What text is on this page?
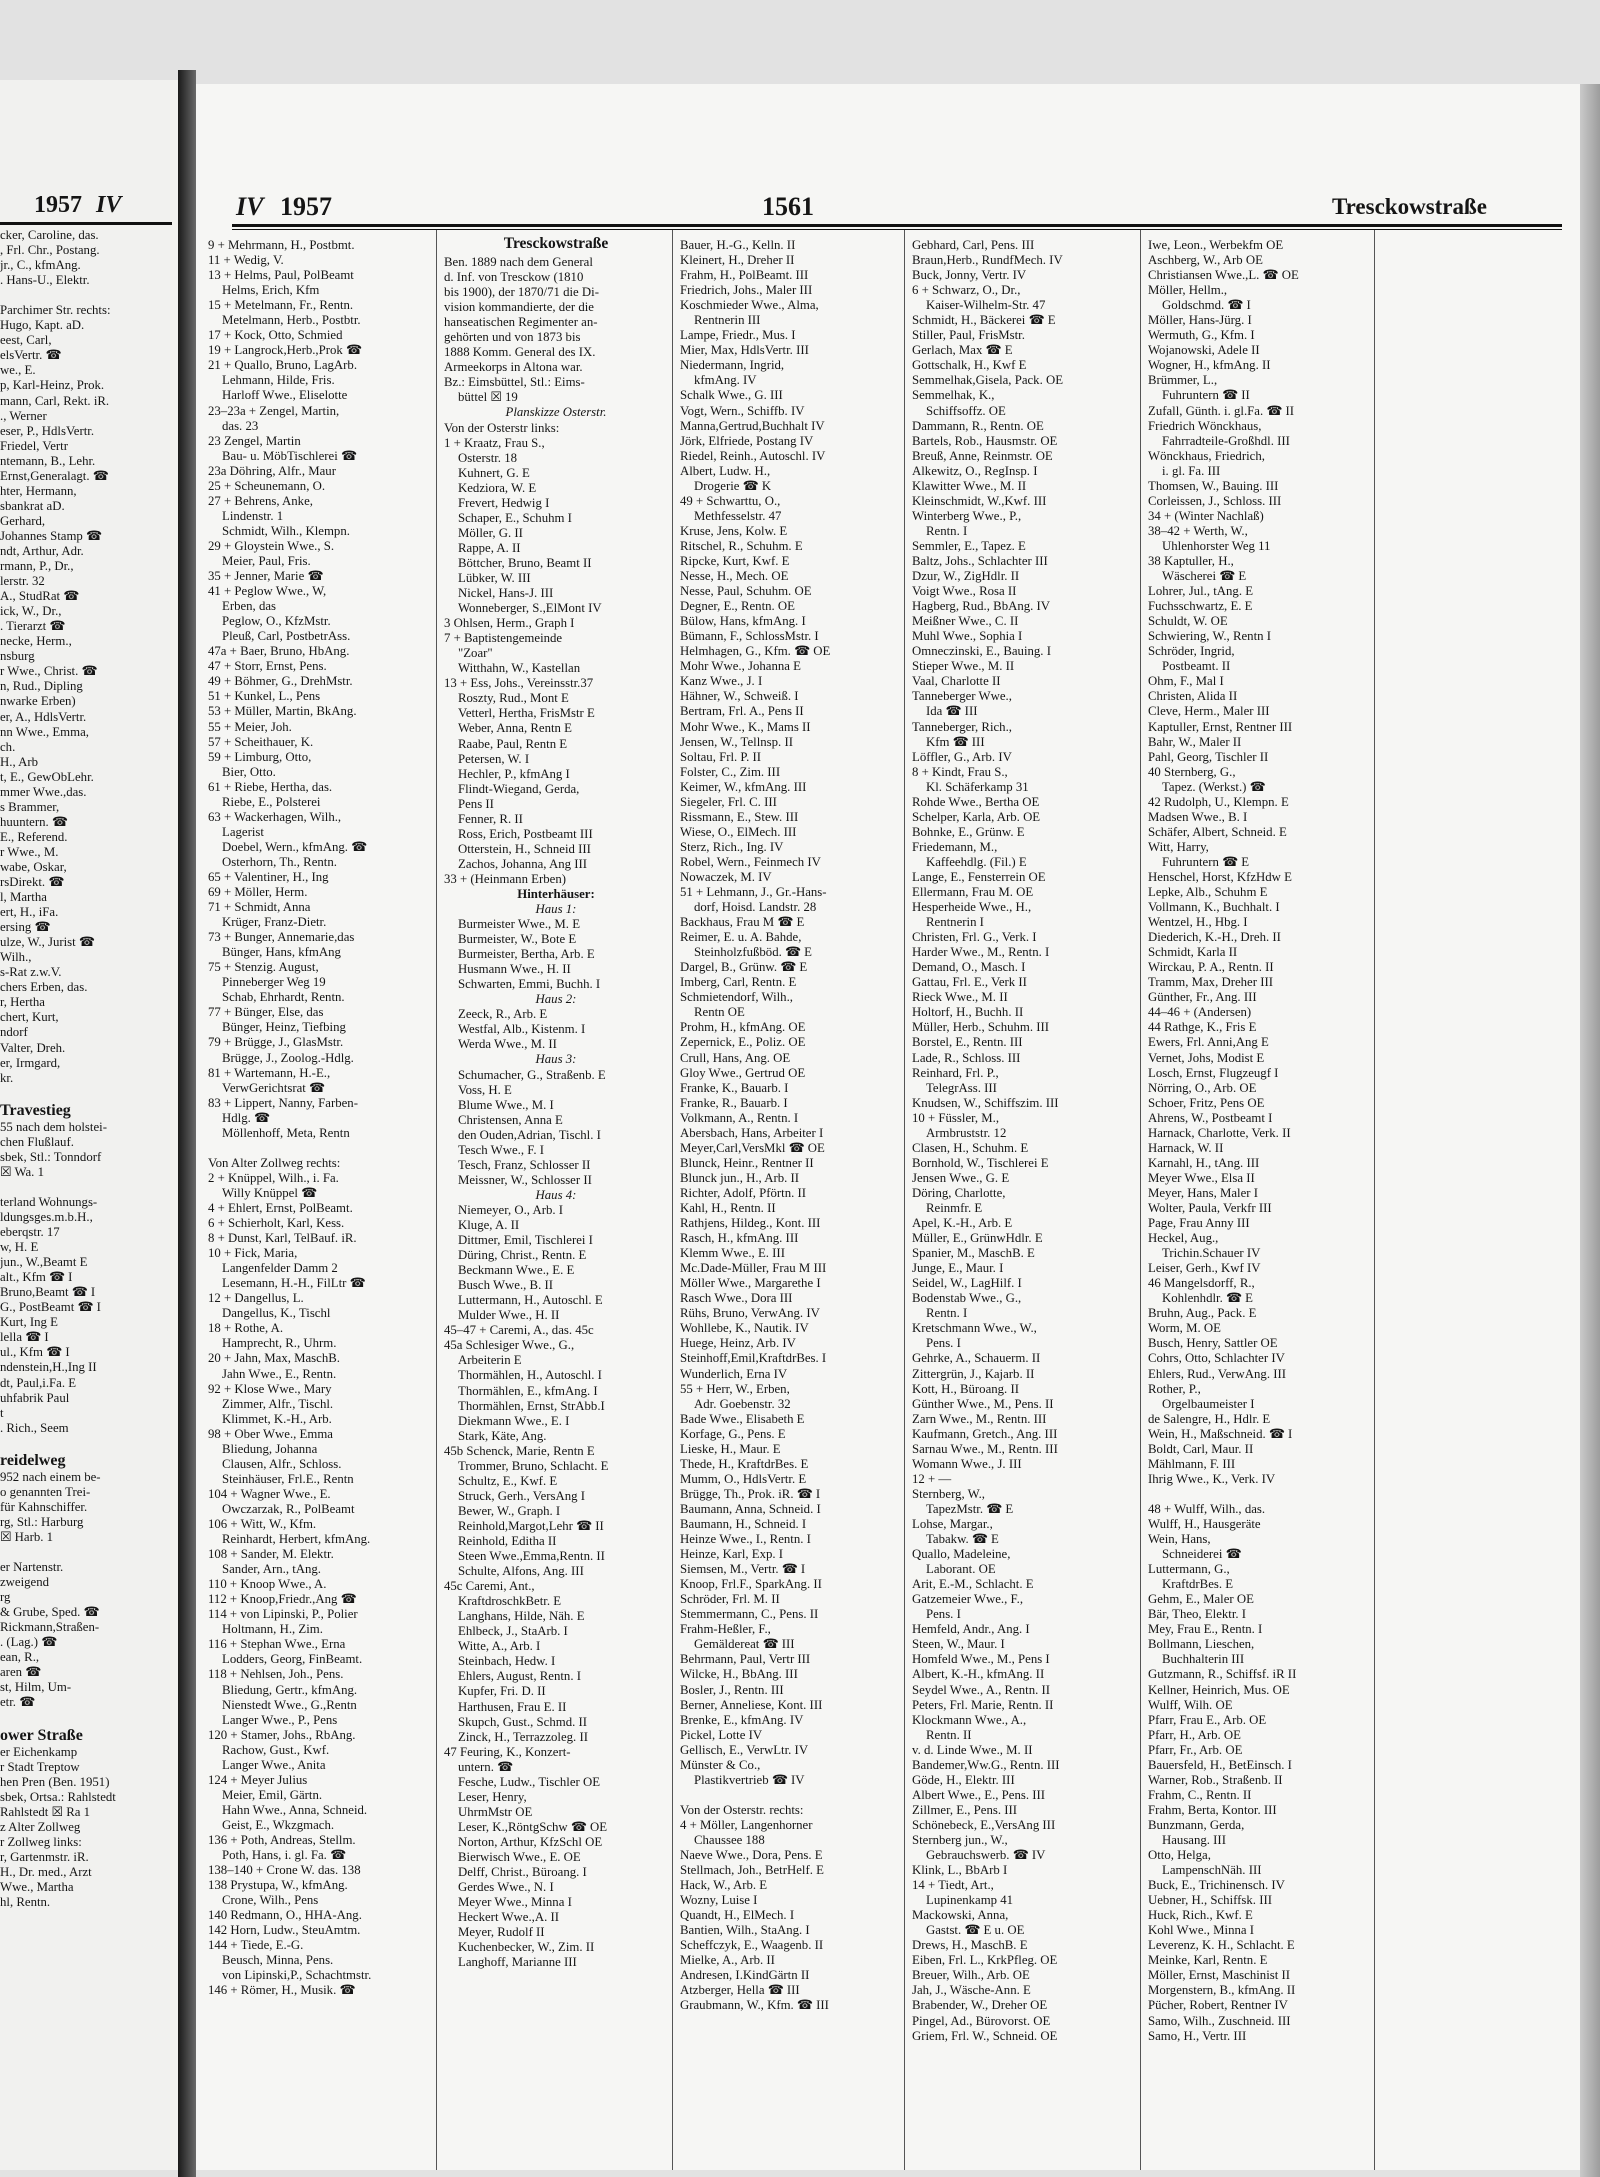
1957 IV
cker, Caroline, das.
, Frl. Chr., Postang.
jr., C., kfmAng.
. Hans-U., Elektr.

Parchimer Str. rechts:
Hugo, Kapt. aD.
eest, Carl,
elsVertr. ☎
we., E.
p, Karl-Heinz, Prok.
mann, Carl, Rekt. iR.
., Werner
eser, P., HdlsVertr.
Friedel, Vertr
ntemann, B., Lehr.
Ernst,Generalagt. ☎
hter, Hermann,
sbankrat aD.
Gerhard,
Johannes Stamp ☎
ndt, Arthur, Adr.
rmann, P., Dr.,
lerstr. 32
A., StudRat ☎
ick, W., Dr.,
. Tierarzt ☎
necke, Herm.,
nsburg
r Wwe., Christ. ☎
n, Rud., Dipling
nwarke Erben)
er, A., HdlsVertr.
nn Wwe., Emma,
ch.
H., Arb
t, E., GewObLehr.
mmer Wwe.,das.
s Brammer,
huuntern. ☎
E., Referend.
r Wwe., M.
wabe, Oskar,
rsDirekt. ☎
l, Martha
ert, H., iFa.
ersing ☎
ulze, W., Jurist ☎
Wilh.,
s-Rat z.w.V.
chers Erben, das.
r, Hertha
chert, Kurt,
ndorf
Valter, Dreh.
er, Irmgard,
kr.

Travestieg
55 nach dem holstei-
chen Flußlauf.
sbek, Stl.: Tonndorf
☒ Wa. 1

terland Wohnungs-
ldungsges.m.b.H.,
eberqstr. 17
w, H. E
jun., W.,Beamt E
alt., Kfm ☎ I
Bruno,Beamt ☎ I
G., PostBeamt ☎ I
Kurt, Ing E
lella ☎ I
ul., Kfm ☎ I
ndenstein,H.,Ing II
dt, Paul,i.Fa. E
uhfabrik Paul
t
. Rich., Seem

reidelweg
952 nach einem be-
o genannten Trei-
für Kahnschiffer.
rg, Stl.: Harburg
☒ Harb. 1

er Nartenstr.
zweigend
rg
& Grube, Sped. ☎
Rickmann,Straßen-
. (Lag.) ☎
ean, R.,
aren ☎
st, Hilm, Um-
etr. ☎

ower Straße
er Eichenkamp
r Stadt Treptow
hen Pren (Ben. 1951)
sbek, Ortsa.: Rahlstedt
Rahlstedt ☒ Ra 1
z Alter Zollweg
r Zollweg links:
r, Gartenmstr. iR.
H., Dr. med., Arzt
Wwe., Martha
hl, Rentn.
IV 1957	1561	Tresckowstraße
9 + Mehrmann, H., Postbmt.
11 + Wedig, V.
13 + Helms, Paul, PolBeamt
Helms, Erich, Kfm
15 + Metelmann, Fr., Rentn.
Metelmann, Herb., Postbtr.
17 + Kock, Otto, Schmied
19 + Langrock,Herb.,Prok ☎
21 + Quallo, Bruno, LagArb.
Lehmann, Hilde, Fris.
Harloff Wwe., Eliselotte
23–23a + Zengel, Martin,
das. 23
23 Zengel, Martin
Bau- u. MöbTischlerei ☎
23a Döhring, Alfr., Maur
25 + Scheunemann, O.
27 + Behrens, Anke,
Lindenstr. 1
Schmidt, Wilh., Klempn.
29 + Gloystein Wwe., S.
Meier, Paul, Fris.
35 + Jenner, Marie ☎
41 + Peglow Wwe., W,
Erben, das
Peglow, O., KfzMstr.
Pleuß, Carl, PostbetrAss.
47a + Baer, Bruno, HbAng.
47 + Storr, Ernst, Pens.
49 + Böhmer, G., DrehMstr.
51 + Kunkel, L., Pens
53 + Müller, Martin, BkAng.
55 + Meier, Joh.
57 + Scheithauer, K.
59 + Limburg, Otto,
Bier, Otto.
61 + Riebe, Hertha, das.
Riebe, E., Polsterei
63 + Wackerhagen, Wilh.,
Lagerist
Doebel, Wern., kfmAng. ☎
Osterhorn, Th., Rentn.
65 + Valentiner, H., Ing
69 + Möller, Herm.
71 + Schmidt, Anna
Krüger, Franz-Dietr.
73 + Bunger, Annemarie,das
Bünger, Hans, kfmAng
75 + Stenzig. August,
Pinneberger Weg 19
Schab, Ehrhardt, Rentn.
77 + Bünger, Else, das
Bünger, Heinz, Tiefbing
79 + Brügge, J., GlasMstr.
Brügge, J., Zoolog.-Hdlg.
81 + Wartemann, H.-E.,
VerwGerichtsrat ☎
83 + Lippert, Nanny, Farben-
Hdlg. ☎
Möllenhoff, Meta, Rentn

Von Alter Zollweg rechts:
2 + Knüppel, Wilh., i. Fa.
Willy Knüppel ☎
4 + Ehlert, Ernst, PolBeamt.
6 + Schierholt, Karl, Kess.
8 + Dunst, Karl, TelBauf. iR.
10 + Fick, Maria,
Langenfelder Damm 2
Lesemann, H.-H., FilLtr ☎
12 + Dangellus, L.
Dangellus, K., Tischl
18 + Rothe, A.
Hamprecht, R., Uhrm.
20 + Jahn, Max, MaschB.
Jahn Wwe., E., Rentn.
92 + Klose Wwe., Mary
Zimmer, Alfr., Tischl.
Klimmet, K.-H., Arb.
98 + Ober Wwe., Emma
Bliedung, Johanna
Clausen, Alfr., Schloss.
Steinhäuser, Frl.E., Rentn
104 + Wagner Wwe., E.
Owczarzak, R., PolBeamt
106 + Witt, W., Kfm.
Reinhardt, Herbert, kfmAng.
108 + Sander, M. Elektr.
Sander, Arn., tAng.
110 + Knoop Wwe., A.
112 + Knoop,Friedr.,Ang ☎
114 + von Lipinski, P., Polier
Holtmann, H., Zim.
116 + Stephan Wwe., Erna
Lodders, Georg, FinBeamt.
118 + Nehlsen, Joh., Pens.
Bliedung, Gertr., kfmAng.
Nienstedt Wwe., G.,Rentn
Langer Wwe., P., Pens
120 + Stamer, Johs., RbAng.
Rachow, Gust., Kwf.
Langer Wwe., Anita
124 + Meyer Julius
Meier, Emil, Gärtn.
Hahn Wwe., Anna, Schneid.
Geist, E., Wkzgmach.
136 + Poth, Andreas, Stellm.
Poth, Hans, i. gl. Fa. ☎
138–140 + Crone W. das. 138
138 Prystupa, W., kfmAng.
Crone, Wilh., Pens
140 Redmann, O., HHA-Ang.
142 Horn, Ludw., SteuAmtm.
144 + Tiede, E.-G.
Beusch, Minna, Pens.
von Lipinski,P., Schachtmstr.
146 + Römer, H., Musik. ☎
Tresckowstraße
Ben. 1889 nach dem General
d. Inf. von Tresckow (1810
bis 1900), der 1870/71 die Di-
vision kommandierte, der die
hanseatischen Regimenter an-
gehörten und von 1873 bis
1888 Komm. General des IX.
Armeekorps in Altona war.
Bz.: Eimsbüttel, Stl.: Eims-
büttel ☒ 19
Planskizze Osterstr.
Von der Osterstr links:
1 + Kraatz, Frau S.,
Osterstr. 18
Kuhnert, G. E
Kedziora, W. E
Frevert, Hedwig I
Schaper, E., Schuhm I
Möller, G. II
Rappe, A. II
Böttcher, Bruno, Beamt II
Lübker, W. III
Nickel, Hans-J. III
Wonneberger, S.,ElMont IV
3 Ohlsen, Herm., Graph I
7 + Baptistengemeinde
"Zoar"
Witthahn, W., Kastellan
13 + Ess, Johs., Vereinsstr.37
Roszty, Rud., Mont E
Vetterl, Hertha, FrisMstr E
Weber, Anna, Rentn E
Raabe, Paul, Rentn E
Petersen, W. I
Hechler, P., kfmAng I
Flindt-Wiegand, Gerda,
Pens II
Fenner, R. II
Ross, Erich, Postbeamt III
Otterstein, H., Schneid III
Zachos, Johanna, Ang III
33 + (Heinmann Erben)
Hinterhäuser:
Haus 1:
Burmeister Wwe., M. E
Burmeister, W., Bote E
Burmeister, Bertha, Arb. E
Husmann Wwe., H. II
Schwarten, Emmi, Buchh. I
Haus 2:
Zeeck, R., Arb. E
Westfal, Alb., Kistenm. I
Werda Wwe., M. II
Haus 3:
Schumacher, G., Straßenb. E
Voss, H. E
Blume Wwe., M. I
Christensen, Anna E
den Ouden,Adrian, Tischl. I
Tesch Wwe., F. I
Tesch, Franz, Schlosser II
Meissner, W., Schlosser II
Haus 4:
Niemeyer, O., Arb. I
Kluge, A. II
Dittmer, Emil, Tischlerei I
Düring, Christ., Rentn. E
Beckmann Wwe., E. E
Busch Wwe., B. II
Luttermann, H., Autoschl. E
Mulder Wwe., H. II
45–47 + Caremi, A., das. 45c
45a Schlesiger Wwe., G.,
Arbeiterin E
Thormählen, H., Autoschl. I
Thormählen, E., kfmAng. I
Thormählen, Ernst, StrAbb.I
Diekmann Wwe., E. I
Stark, Käte, Ang.
45b Schenck, Marie, Rentn E
Trommer, Bruno, Schlacht. E
Schultz, E., Kwf. E
Struck, Gerh., VersAng I
Bewer, W., Graph. I
Reinhold,Margot,Lehr ☎ II
Reinhold, Editha II
Steen Wwe.,Emma,Rentn. II
Schulte, Alfons, Ang. III
45c Caremi, Ant.,
KraftdroschkBetr. E
Langhans, Hilde, Näh. E
Ehlbeck, J., StaArb. I
Witte, A., Arb. I
Steinbach, Hedw. I
Ehlers, August, Rentn. I
Kupfer, Fri. D. II
Harthusen, Frau E. II
Skupch, Gust., Schmd. II
Zinck, H., Terrazzoleg. II
47 Feuring, K., Konzert-
untern. ☎
Fesche, Ludw., Tischler OE
Leser, Henry,
UhrmMstr OE
Leser, K.,RöntgSchw ☎ OE
Norton, Arthur, KfzSchl OE
Bierwisch Wwe., E. OE
Delff, Christ., Büroang. I
Gerdes Wwe., N. I
Meyer Wwe., Minna I
Heckert Wwe.,A. II
Meyer, Rudolf II
Kuchenbecker, W., Zim. II
Langhoff, Marianne III
Bauer, H.-G., Kelln. II
Kleinert, H., Dreher II
Frahm, H., PolBeamt. III
Friedrich, Johs., Maler III
Koschmieder Wwe., Alma,
Rentnerin III
Lampe, Friedr., Mus. I
Mier, Max, HdlsVertr. III
Niedermann, Ingrid,
kfmAng. IV
Schalk Wwe., G. III
Vogt, Wern., Schiffb. IV
Manna,Gertrud,Buchhalt IV
Jörk, Elfriede, Postang IV
Riedel, Reinh., Autoschl. IV
Albert, Ludw. H.,
Drogerie ☎ K
49 + Schwarttu, O.,
Methfesselstr. 47
Kruse, Jens, Kolw. E
Ritschel, R., Schuhm. E
Ripcke, Kurt, Kwf. E
Nesse, H., Mech. OE
Nesse, Paul, Schuhm. OE
Degner, E., Rentn. OE
Bülow, Hans, kfmAng. I
Bümann, F., SchlossMstr. I
Helmhagen, G., Kfm. ☎ OE
Mohr Wwe., Johanna E
Kanz Wwe., J. I
Hähner, W., Schweiß. I
Bertram, Frl. A., Pens II
Mohr Wwe., K., Mams II
Jensen, W., Tellnsp. II
Soltau, Frl. P. II
Folster, C., Zim. III
Keimer, W., kfmAng. III
Siegeler, Frl. C. III
Rissmann, E., Stew. III
Wiese, O., ElMech. III
Sterz, Rich., Ing. IV
Robel, Wern., Feinmech IV
Nowaczek, M. IV
51 + Lehmann, J., Gr.-Hans-
dorf, Hoisd. Landstr. 28
Backhaus, Frau M ☎ E
Reimer, E. u. A. Bahde,
Steinholzfußböd. ☎ E
Dargel, B., Grünw. ☎ E
Imberg, Carl, Rentn. E
Schmietendorf, Wilh.,
Rentn OE
Prohm, H., kfmAng. OE
Zepernick, E., Poliz. OE
Crull, Hans, Ang. OE
Gloy Wwe., Gertrud OE
Franke, K., Bauarb. I
Franke, R., Bauarb. I
Volkmann, A., Rentn. I
Abersbach, Hans, Arbeiter I
Meyer,Carl,VersMkl ☎ OE
Blunck, Heinr., Rentner II
Blunck jun., H., Arb. II
Richter, Adolf, Pförtn. II
Kahl, H., Rentn. II
Rathjens, Hildeg., Kont. III
Rasch, H., kfmAng. III
Klemm Wwe., E. III
Mc.Dade-Müller, Frau M III
Möller Wwe., Margarethe I
Rasch Wwe., Dora III
Rühs, Bruno, VerwAng. IV
Wohllebe, K., Nautik. IV
Huege, Heinz, Arb. IV
Steinhoff,Emil,KraftdrBes. I
Wunderlich, Erna IV
55 + Herr, W., Erben,
Adr. Goebenstr. 32
Bade Wwe., Elisabeth E
Korfage, G., Pens. E
Lieske, H., Maur. E
Thede, H., KraftdrBes. E
Mumm, O., HdlsVertr. E
Brügge, Th., Prok. iR. ☎ I
Baumann, Anna, Schneid. I
Baumann, H., Schneid. I
Heinze Wwe., I., Rentn. I
Heinze, Karl, Exp. I
Siemsen, M., Vertr. ☎ I
Knoop, Frl.F., SparkAng. II
Schröder, Frl. M. II
Stemmermann, C., Pens. II
Frahm-Heßler, F.,
Gemäldereat ☎ III
Behrmann, Paul, Vertr III
Wilcke, H., BbAng. III
Bosler, J., Rentn. III
Berner, Anneliese, Kont. III
Brenke, E., kfmAng. IV
Pickel, Lotte IV
Gellisch, E., VerwLtr. IV
Münster & Co.,
Plastikvertrieb ☎ IV

Von der Osterstr. rechts:
4 + Möller, Langenhorner
Chaussee 188
Naeve Wwe., Dora, Pens. E
Stellmach, Joh., BetrHelf. E
Hack, W., Arb. E
Wozny, Luise I
Quandt, H., ElMech. I
Bantien, Wilh., StaAng. I
Scheffczyk, E., Waagenb. II
Mielke, A., Arb. II
Andresen, I.KindGärtn II
Atzberger, Hella ☎ III
Graubmann, W., Kfm. ☎ III
Gebhard, Carl, Pens. III
Braun,Herb., RundfMech. IV
Buck, Jonny, Vertr. IV
6 + Schwarz, O., Dr.,
Kaiser-Wilhelm-Str. 47
Schmidt, H., Bäckerei ☎ E
Stiller, Paul, FrisMstr.
Gerlach, Max ☎ E
Gottschalk, H., Kwf E
Semmelhak,Gisela, Pack. OE
Semmelhak, K.,
Schiffsoffz. OE
Dammann, R., Rentn. OE
Bartels, Rob., Hausmstr. OE
Breuß, Anne, Reinmstr. OE
Alkewitz, O., RegInsp. I
Klawitter Wwe., M. II
Kleinschmidt, W.,Kwf. III
Winterberg Wwe., P.,
Rentn. I
Semmler, E., Tapez. E
Baltz, Johs., Schlachter III
Dzur, W., ZigHdlr. II
Voigt Wwe., Rosa II
Hagberg, Rud., BbAng. IV
Meißner Wwe., C. II
Muhl Wwe., Sophia I
Omneczinski, E., Bauing. I
Stieper Wwe., M. II
Vaal, Charlotte II
Tanneberger Wwe.,
Ida ☎ III
Tanneberger, Rich.,
Kfm ☎ III
Löffler, G., Arb. IV
8 + Kindt, Frau S.,
Kl. Schäferkamp 31
Rohde Wwe., Bertha OE
Schelper, Karla, Arb. OE
Bohnke, E., Grünw. E
Friedemann, M.,
Kaffeehdlg. (Fil.) E
Lange, E., Fensterrein OE
Ellermann, Frau M. OE
Hesperheide Wwe., H.,
Rentnerin I
Christen, Frl. G., Verk. I
Harder Wwe., M., Rentn. I
Demand, O., Masch. I
Gattau, Frl. E., Verk II
Rieck Wwe., M. II
Holtorf, H., Buchh. II
Müller, Herb., Schuhm. III
Borstel, E., Rentn. III
Lade, R., Schloss. III
Reinhard, Frl. P.,
TelegrAss. III
Knudsen, W., Schiffszim. III
10 + Füssler, M.,
Armbruststr. 12
Clasen, H., Schuhm. E
Bornhold, W., Tischlerei E
Jensen Wwe., G. E
Döring, Charlotte,
Reinmfr. E
Apel, K.-H., Arb. E
Müller, E., GrünwHdlr. E
Spanier, M., MaschB. E
Junge, E., Maur. I
Seidel, W., LagHilf. I
Bodenstab Wwe., G.,
Rentn. I
Kretschmann Wwe., W.,
Pens. I
Gehrke, A., Schauerm. II
Zittergrün, J., Kajarb. II
Kott, H., Büroang. II
Günther Wwe., M., Pens. II
Zarn Wwe., M., Rentn. III
Kaufmann, Gretch., Ang. III
Sarnau Wwe., M., Rentn. III
Womann Wwe., J. III
12 + —
Sternberg, W.,
TapezMstr. ☎ E
Lohse, Margar.,
Tabakw. ☎ E
Quallo, Madeleine,
Laborant. OE
Arit, E.-M., Schlacht. E
Gatzemeier Wwe., F.,
Pens. I
Hemfeld, Andr., Ang. I
Steen, W., Maur. I
Homfeld Wwe., M., Pens I
Albert, K.-H., kfmAng. II
Seydel Wwe., A., Rentn. II
Peters, Frl. Marie, Rentn. II
Klockmann Wwe., A.,
Rentn. II
v. d. Linde Wwe., M. II
Bandemer,Ww.G., Rentn. III
Göde, H., Elektr. III
Albert Wwe., E., Pens. III
Zillmer, E., Pens. III
Schönebeck, E.,VersAng III
Sternberg jun., W.,
Gebrauchswerb. ☎ IV
Klink, L., BbArb I
14 + Tiedt, Art.,
Lupinenkamp 41
Mackowski, Anna,
Gastst. ☎ E u. OE
Drews, H., MaschB. E
Eiben, Frl. L., KrkPfleg. OE
Breuer, Wilh., Arb. OE
Jah, J., Wäsche-Ann. E
Brabender, W., Dreher OE
Pingel, Ad., Bürovorst. OE
Griem, Frl. W., Schneid. OE
Iwe, Leon., Werbekfm OE
Aschberg, W., Arb OE
Christiansen Wwe.,L. ☎ OE
Möller, Hellm.,
Goldschmd. ☎ I
Möller, Hans-Jürg. I
Wermuth, G., Kfm. I
Wojanowski, Adele II
Wogner, H., kfmAng. II
Brümmer, L.,
Fuhruntern ☎ II
Zufall, Günth. i. gl.Fa. ☎ II
Friedrich Wönckhaus,
Fahrradteile-Großhdl. III
Wönckhaus, Friedrich,
i. gl. Fa. III
Thomsen, W., Bauing. III
Corleissen, J., Schloss. III
34 + (Winter Nachlaß)
38–42 + Werth, W.,
Uhlenhorster Weg 11
38 Kaptuller, H.,
Wäscherei ☎ E
Lohrer, Jul., tAng. E
Fuchsschwartz, E. E
Schuldt, W. OE
Schwiering, W., Rentn I
Schröder, Ingrid,
Postbeamt. II
Ohm, F., Mal I
Christen, Alida II
Cleve, Herm., Maler III
Kaptuller, Ernst, Rentner III
Bahr, W., Maler II
Pahl, Georg, Tischler II
40 Sternberg, G.,
Tapez. (Werkst.) ☎
42 Rudolph, U., Klempn. E
Madsen Wwe., B. I
Schäfer, Albert, Schneid. E
Witt, Harry,
Fuhruntern ☎ E
Henschel, Horst, KfzHdw E
Lepke, Alb., Schuhm E
Vollmann, K., Buchhalt. I
Wentzel, H., Hbg. I
Diederich, K.-H., Dreh. II
Schmidt, Karla II
Wirckau, P. A., Rentn. II
Tramm, Max, Dreher III
Günther, Fr., Ang. III
44–46 + (Andersen)
44 Rathge, K., Fris E
Ewers, Frl. Anni,Ang E
Vernet, Johs, Modist E
Losch, Ernst, Flugzeugf I
Nörring, O., Arb. OE
Schoer, Fritz, Pens OE
Ahrens, W., Postbeamt I
Harnack, Charlotte, Verk. II
Harnack, W. II
Karnahl, H., tAng. III
Meyer Wwe., Elsa II
Meyer, Hans, Maler I
Wolter, Paula, Verkfr III
Page, Frau Anny III
Heckel, Aug.,
Trichin.Schauer IV
Leiser, Gerh., Kwf IV
46 Mangelsdorff, R.,
Kohlenhdlr. ☎ E
Bruhn, Aug., Pack. E
Worm, M. OE
Busch, Henry, Sattler OE
Cohrs, Otto, Schlachter IV
Ehlers, Rud., VerwAng. III
Rother, P.,
Orgelbaumeister I
de Salengre, H., Hdlr. E
Wein, H., Maßschneid. ☎ I
Boldt, Carl, Maur. II
Mählmann, F. III
Ihrig Wwe., K., Verk. IV

48 + Wulff, Wilh., das.
Wulff, H., Hausgeräte
Wein, Hans,
Schneiderei ☎
Luttermann, G.,
KraftdrBes. E
Gehm, E., Maler OE
Bär, Theo, Elektr. I
Mey, Frau E., Rentn. I
Bollmann, Lieschen,
Buchhalterin III
Gutzmann, R., Schiffsf. iR II
Kellner, Heinrich, Mus. OE
Wulff, Wilh. OE
Pfarr, Frau E., Arb. OE
Pfarr, H., Arb. OE
Pfarr, Fr., Arb. OE
Bauersfeld, H., BetEinsch. I
Warner, Rob., Straßenb. II
Frahm, C., Rentn. II
Frahm, Berta, Kontor. III
Bunzmann, Gerda,
Hausang. III
Otto, Helga,
LampenschNäh. III
Buck, E., Trichinensch. IV
Uebner, H., Schiffsk. III
Huck, Rich., Kwf. E
Kohl Wwe., Minna I
Leverenz, K. H., Schlacht. E
Meinke, Karl, Rentn. E
Möller, Ernst, Maschinist II
Morgenstern, B., kfmAng. II
Pücher, Robert, Rentner IV
Samo, Wilh., Zuschneid. III
Samo, H., Vertr. III
